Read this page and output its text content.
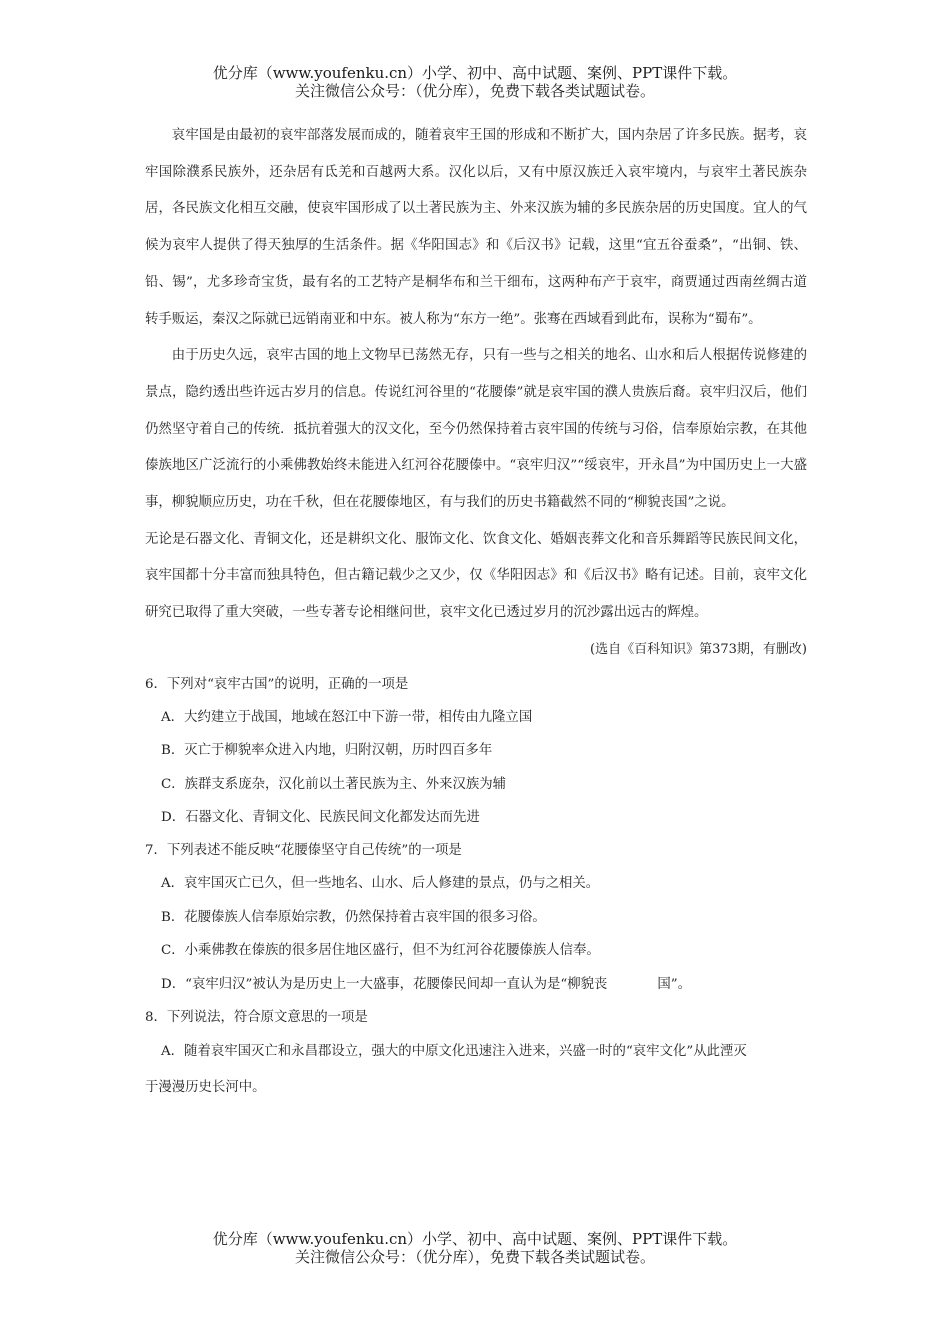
优分库（www.youfenku.cn）小学、初中、高中试题、案例、PPT课件下载。
关注微信公众号：（优分库），免费下载各类试题试卷。

哀牢国是由最初的哀牢部落发展而成的，随着哀牢王国的形成和不断扩大，国内杂居了许多民族。据考，哀牢国除濮系民族外，还杂居有氐羌和百越两大系。汉化以后，又有中原汉族迁入哀牢境内，与哀牢土著民族杂居，各民族文化相互交融，使哀牢国形成了以土著民族为主、外来汉族为辅的多民族杂居的历史国度。宜人的气候为哀牢人提供了得天独厚的生活条件。据《华阳国志》和《后汉书》记载，这里“宜五谷蚕桑”，“出铜、铁、铅、锡”，尤多珍奇宝货，最有名的工艺特产是桐华布和兰干细布，这两种布产于哀牢，商贾通过西南丝绸古道转手贩运，秦汉之际就已远销南亚和中东。被人称为“东方一绝”。张骞在西域看到此布，误称为“蜀布”。

由于历史久远，哀牢古国的地上文物早已荡然无存，只有一些与之相关的地名、山水和后人根据传说修建的景点，隐约透出些许远古岁月的信息。传说红河谷里的“花腰傣”就是哀牢国的濮人贵族后裔。哀牢归汉后，他们仍然坚守着自己的传统．抵抗着强大的汉文化，至今仍然保持着古哀牢国的传统与习俗，信奉原始宗教，在其他傣族地区广泛流行的小乘佛教始终未能进入红河谷花腰傣中。“哀牢归汉”“绥哀牢，开永昌”为中国历史上一大盛事，柳貌顺应历史，功在千秋，但在花腰傣地区，有与我们的历史书籍截然不同的“柳貌丧国”之说。

无论是石器文化、青铜文化，还是耕织文化、服饰文化、饮食文化、婚姻丧葬文化和音乐舞蹈等民族民间文化，哀牢国都十分丰富而独具特色，但古籍记载少之又少，仅《华阳因志》和《后汉书》略有记述。目前，哀牢文化研究已取得了重大突破，一些专著专论相继问世，哀牢文化已透过岁月的沉沙露出远古的辉煌。

(选自《百科知识》第373期，有删改)

6．下列对“哀牢古国”的说明，正确的一项是

A．大约建立于战国，地域在怒江中下游一带，相传由九隆立国

B．灭亡于柳貌率众进入内地，归附汉朝，历时四百多年

C．族群支系庞杂，汉化前以土著民族为主、外来汉族为辅

D．石器文化、青铜文化、民族民间文化都发达而先进

7．下列表述不能反映“花腰傣坚守自己传统”的一项是

A．哀牢国灭亡已久，但一些地名、山水、后人修建的景点，仍与之相关。

B．花腰傣族人信奉原始宗教，仍然保持着古哀牢国的很多习俗。

C．小乘佛教在傣族的很多居住地区盛行，但不为红河谷花腰傣族人信奉。

D．“哀牢归汉”被认为是历史上一大盛事，花腰傣民间却一直认为是“柳貌丧	国”。

8．下列说法，符合原文意思的一项是

A．随着哀牢国灭亡和永昌郡设立，强大的中原文化迅速注入进来，兴盛一时的“哀牢文化”从此湮灭

于漫漫历史长河中。

优分库（www.youfenku.cn）小学、初中、高中试题、案例、PPT课件下载。
关注微信公众号：（优分库），免费下载各类试题试卷。
